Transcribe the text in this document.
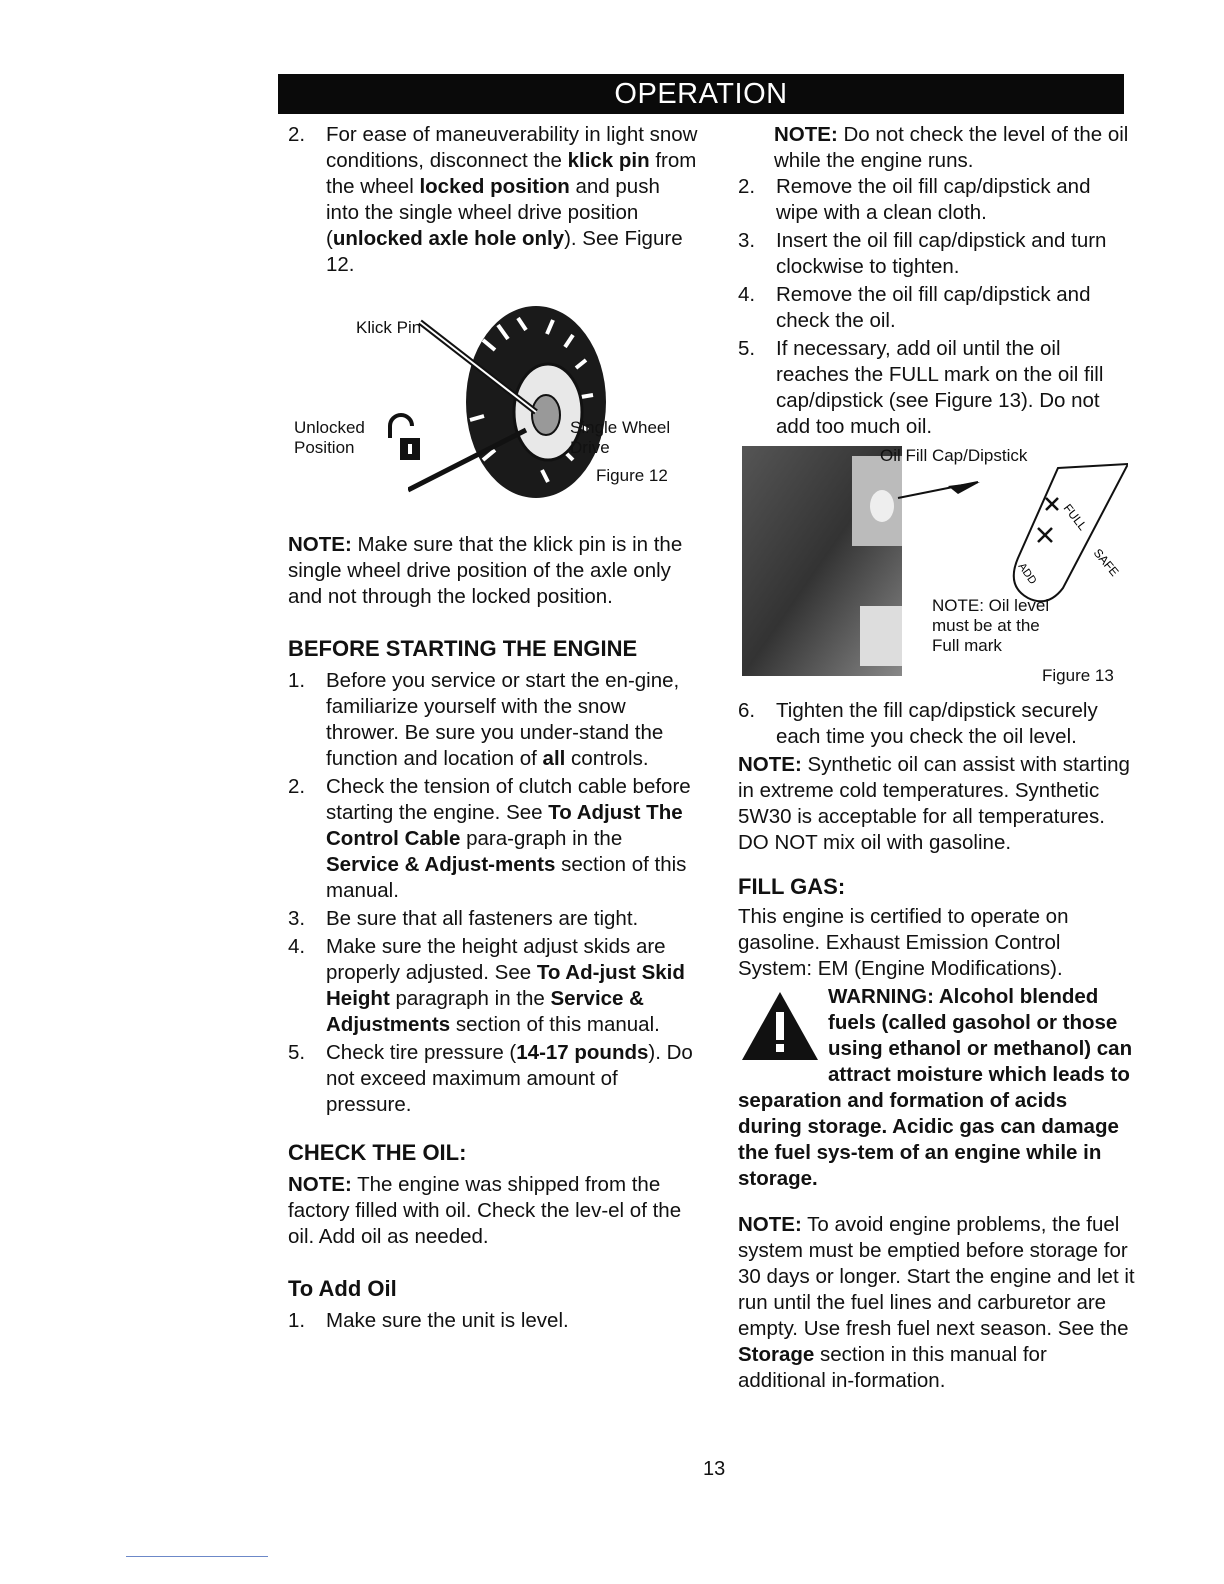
OPERATION
2.	For ease of maneuverability in light snow conditions, disconnect the klick pin from the wheel locked position and push into the single wheel drive position (unlocked axle hole only). See Figure 12.
Klick Pin
Unlocked
Position
Single Wheel
Drive
Figure 12

NOTE: Make sure that the klick pin is in the single wheel drive position of the axle only and not through the locked position.

BEFORE STARTING THE ENGINE

1.	Before you service or start the en-gine, familiarize yourself with the snow thrower. Be sure you under-stand the function and location of all controls.
2.	Check the tension of clutch cable before starting the engine. See To Adjust The Control Cable para-graph in the Service & Adjust-ments section of this manual.
3.	Be sure that all fasteners are tight.
4.	Make sure the height adjust skids are properly adjusted. See To Ad-just Skid Height paragraph in the Service & Adjustments section of this manual.
5.	Check tire pressure (14-17 pounds). Do not exceed maximum amount of pressure.

CHECK THE OIL:

NOTE: The engine was shipped from the factory filled with oil. Check the lev-el of the oil. Add oil as needed.

To Add Oil

1.	Make sure the unit is level.

NOTE: Do not check the level of the oil while the engine runs.

2.	Remove the oil fill cap/dipstick and wipe with a clean cloth.
3.	Insert the oil fill cap/dipstick and turn clockwise to tighten.
4.	Remove the oil fill cap/dipstick and check the oil.
5.	If necessary, add oil until the oil reaches the FULL mark on the oil fill cap/dipstick (see Figure 13). Do not add too much oil.
Oil Fill Cap/Dipstick
FULL
ADD	SAFE
NOTE: Oil level
must be at the
Full mark
Figure 13
6.	Tighten the fill cap/dipstick securely each time you check the oil level.

NOTE: Synthetic oil can assist with starting in extreme cold temperatures. Synthetic 5W30 is acceptable for all temperatures. DO NOT mix oil with gasoline.

FILL GAS:

This engine is certified to operate on gasoline. Exhaust Emission Control System: EM (Engine Modifications).

WARNING: Alcohol blended fuels (called gasohol or those using ethanol or methanol) can attract moisture which leads to separation and formation of acids during storage. Acidic gas can damage the fuel sys-tem of an engine while in storage.

NOTE: To avoid engine problems, the fuel system must be emptied before storage for 30 days or longer. Start the engine and let it run until the fuel lines and carburetor are empty. Use fresh fuel next season. See the Storage section in this manual for additional in-formation.

13
